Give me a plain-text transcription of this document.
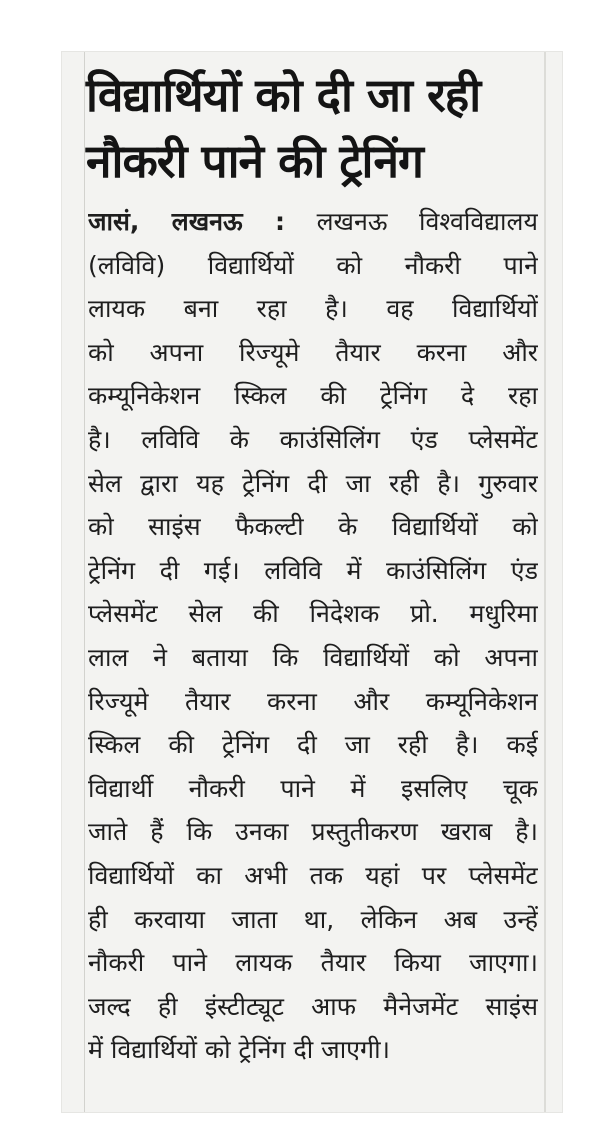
विद्यार्थियों को दी जा रही
नौकरी पाने की ट्रेनिंग
जासं, लखनऊ : लखनऊ विश्वविद्यालय
(लविवि) विद्यार्थियों को नौकरी पाने
लायक बना रहा है। वह विद्यार्थियों
को अपना रिज्यूमे तैयार करना और
कम्यूनिकेशन स्किल की ट्रेनिंग दे रहा
है। लविवि के काउंसिलिंग एंड प्लेसमेंट
सेल द्वारा यह ट्रेनिंग दी जा रही है। गुरुवार
को साइंस फैकल्टी के विद्यार्थियों को
ट्रेनिंग दी गई। लविवि में काउंसिलिंग एंड
प्लेसमेंट सेल की निदेशक प्रो. मधुरिमा
लाल ने बताया कि विद्यार्थियों को अपना
रिज्यूमे तैयार करना और कम्यूनिकेशन
स्किल की ट्रेनिंग दी जा रही है। कई
विद्यार्थी नौकरी पाने में इसलिए चूक
जाते हैं कि उनका प्रस्तुतीकरण खराब है।
विद्यार्थियों का अभी तक यहां पर प्लेसमेंट
ही करवाया जाता था, लेकिन अब उन्हें
नौकरी पाने लायक तैयार किया जाएगा।
जल्द ही इंस्टीट्यूट आफ मैनेजमेंट साइंस
में विद्यार्थियों को ट्रेनिंग दी जाएगी।
